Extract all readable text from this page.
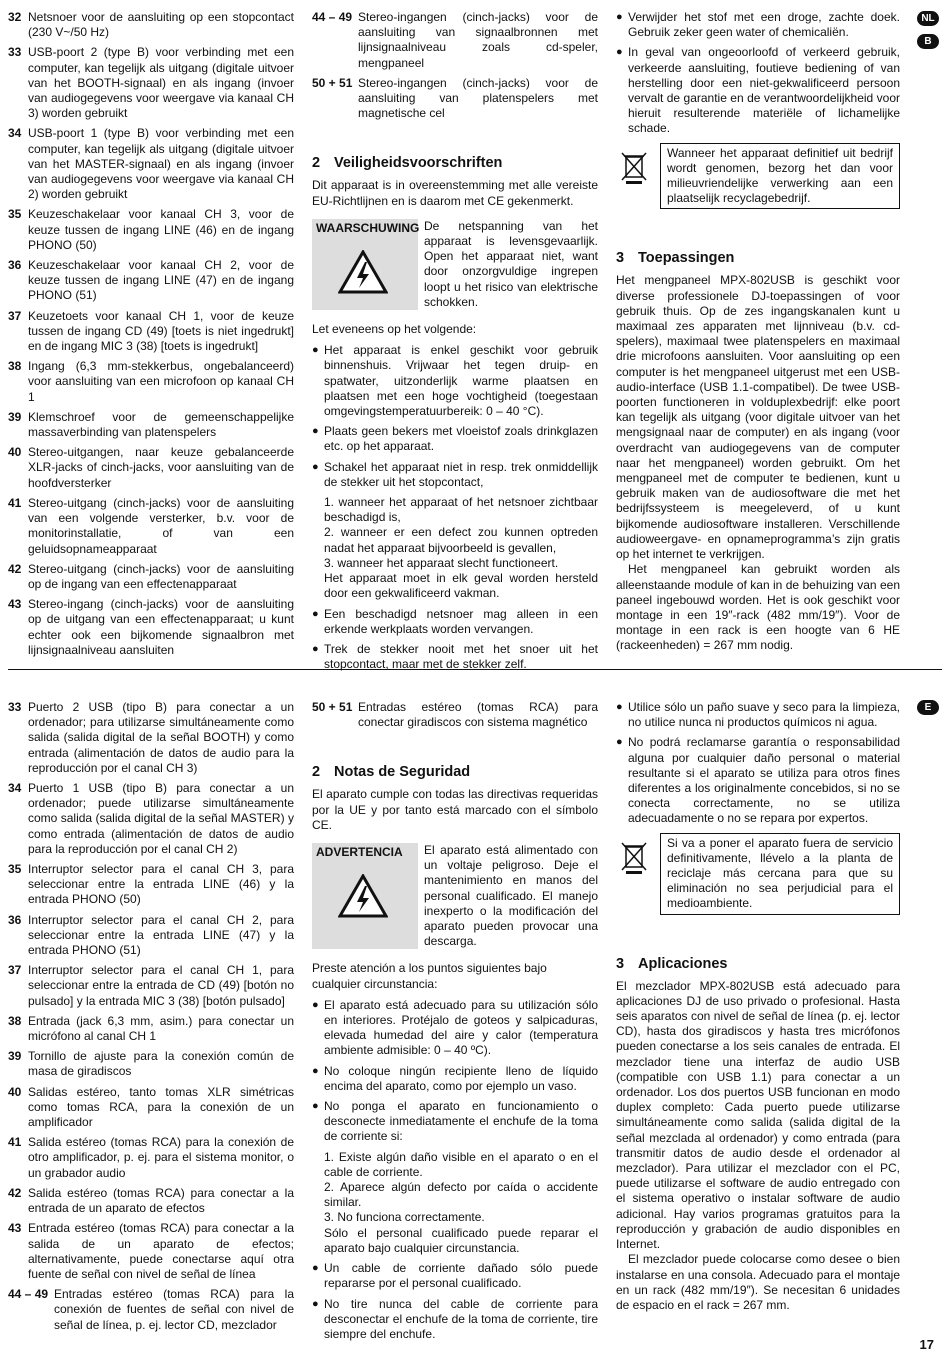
32 Netsnoer voor de aansluiting op een stopcontact (230 V~/50 Hz)
33 USB-poort 2 (type B) voor verbinding met een computer, kan tegelijk als uitgang (digitale uitvoer van het BOOTH-signaal) en als ingang (invoer van audiogegevens voor weergave via kanaal CH 3) worden gebruikt
34 USB-poort 1 (type B) voor verbinding met een computer, kan tegelijk als uitgang (digitale uitvoer van het MASTER-signaal) en als ingang (invoer van audiogegevens voor weergave via kanaal CH 2) worden gebruikt
35 Keuzeschakelaar voor kanaal CH 3, voor de keuze tussen de ingang LINE (46) en de ingang PHONO (50)
36 Keuzeschakelaar voor kanaal CH 2, voor de keuze tussen de ingang LINE (47) en de ingang PHONO (51)
37 Keuzetoets voor kanaal CH 1, voor de keuze tussen de ingang CD (49) [toets is niet ingedrukt] en de ingang MIC 3 (38) [toets is ingedrukt]
38 Ingang (6,3 mm-stekkerbus, ongebalanceerd) voor aansluiting van een microfoon op kanaal CH 1
39 Klemschroef voor de gemeenschappelijke massaverbinding van platenspelers
40 Stereo-uitgangen, naar keuze gebalanceerde XLR-jacks of cinch-jacks, voor aansluiting van de hoofdversterker
41 Stereo-uitgang (cinch-jacks) voor de aansluiting van een volgende versterker, b.v. voor de monitorinstallatie, of van een geluidsopnameapparaat
42 Stereo-uitgang (cinch-jacks) voor de aansluiting op de ingang van een effectenapparaat
43 Stereo-ingang (cinch-jacks) voor de aansluiting op de uitgang van een effectenapparaat; u kunt echter ook een bijkomende signaalbron met lijnsignaalniveau aansluiten
44 – 49 Stereo-ingangen (cinch-jacks) voor de aansluiting van signaalbronnen met lijnsignaalniveau zoals cd-speler, mengpaneel
50 + 51 Stereo-ingangen (cinch-jacks) voor de aansluiting van platenspelers met magnetische cel
2 Veiligheidsvoorschriften

Dit apparaat is in overeenstemming met alle vereiste EU-Richtlijnen en is daarom met CE gekenmerkt.

WAARSCHUWING De netspanning van het apparaat is levensgevaarlijk. Open het apparaat niet, want door onzorgvuldige ingrepen loopt u het risico van elektrische schokken.

Let eveneens op het volgende:

● Het apparaat is enkel geschikt voor gebruik binnenshuis. Vrijwaar het tegen druip- en spatwater, uitzonderlijk warme plaatsen en plaatsen met een hoge vochtigheid (toegestaan omgevingstemperatuurbereik: 0 – 40 °C).
● Plaats geen bekers met vloeistof zoals drinkglazen etc. op het apparaat.
● Schakel het apparaat niet in resp. trek onmiddellijk de stekker uit het stopcontact,
1. wanneer het apparaat of het netsnoer zichtbaar beschadigd is,
2. wanneer er een defect zou kunnen optreden nadat het apparaat bijvoorbeeld is gevallen,
3. wanneer het apparaat slecht functioneert.
Het apparaat moet in elk geval worden hersteld door een gekwalificeerd vakman.
● Een beschadigd netsnoer mag alleen in een erkende werkplaats worden vervangen.
● Trek de stekker nooit met het snoer uit het stopcontact, maar met de stekker zelf.
● Verwijder het stof met een droge, zachte doek. Gebruik zeker geen water of chemicaliën.
● In geval van ongeoorloofd of verkeerd gebruik, verkeerde aansluiting, foutieve bediening of van herstelling door een niet-gekwalificeerd persoon vervalt de garantie en de verantwoordelijkheid voor hieruit resulterende materiële of lichamelijke schade.
Wanneer het apparaat definitief uit bedrijf wordt genomen, bezorg het dan voor milieuvriendelijke verwerking aan een plaatselijk recyclagebedrijf.
3 Toepassingen

Het mengpaneel MPX-802USB is geschikt voor diverse professionele DJ-toepassingen of voor gebruik thuis. Op de zes ingangskanalen kunt u maximaal zes apparaten met lijnniveau (b.v. cd-spelers), maximaal twee platenspelers en maximaal drie microfoons aansluiten. Voor aansluiting op een computer is het mengpaneel uitgerust met een USB-audio-interface (USB 1.1-compatibel). De twee USB-poorten functioneren in volduplexbedrijf: elke poort kan tegelijk als uitgang (voor digitale uitvoer van het mengsignaal naar de computer) en als ingang (voor overdracht van audiogegevens van de computer naar het mengpaneel) worden gebruikt. Om het mengpaneel met de computer te bedienen, kunt u gebruik maken van de audiosoftware die met het bedrijfssysteem is meegeleverd, of u kunt bijkomende audiosoftware installeren. Verschillende audioweergave- en opnameprogramma’s zijn gratis op het internet te verkrijgen.

Het mengpaneel kan gebruikt worden als alleenstaande module of kan in de behuizing van een paneel ingebouwd worden. Het is ook geschikt voor montage in een 19″-rack (482 mm/19″). Voor de montage in een rack is een hoogte van 6 HE (rackeenheden) = 267 mm nodig.

NL
B
33 Puerto 2 USB (tipo B) para conectar a un ordenador; para utilizarse simultáneamente como salida (salida digital de la señal BOOTH) y como entrada (alimentación de datos de audio para la reproducción por el canal CH 3)
34 Puerto 1 USB (tipo B) para conectar a un ordenador; puede utilizarse simultáneamente como salida (salida digital de la señal MASTER) y como entrada (alimentación de datos de audio para la reproducción por el canal CH 2)
35 Interruptor selector para el canal CH 3, para seleccionar entre la entrada LINE (46) y la entrada PHONO (50)
36 Interruptor selector para el canal CH 2, para seleccionar entre la entrada LINE (47) y la entrada PHONO (51)
37 Interruptor selector para el canal CH 1, para seleccionar entre la entrada de CD (49) [botón no pulsado] y la entrada MIC 3 (38) [botón pulsado]
38 Entrada (jack 6,3 mm, asim.) para conectar un micrófono al canal CH 1
39 Tornillo de ajuste para la conexión común de masa de giradiscos
40 Salidas estéreo, tanto tomas XLR simétricas como tomas RCA, para la conexión de un amplificador
41 Salida estéreo (tomas RCA) para la conexión de otro amplificador, p. ej. para el sistema monitor, o un grabador audio
42 Salida estéreo (tomas RCA) para conectar a la entrada de un aparato de efectos
43 Entrada estéreo (tomas RCA) para conectar a la salida de un aparato de efectos; alternativamente, puede conectarse aquí otra fuente de señal con nivel de señal de línea
44 – 49 Entradas estéreo (tomas RCA) para la conexión de fuentes de señal con nivel de señal de línea, p. ej. lector CD, mezclador
50 + 51 Entradas estéreo (tomas RCA) para conectar giradiscos con sistema magnético
2 Notas de Seguridad

El aparato cumple con todas las directivas requeridas por la UE y por tanto está marcado con el símbolo CE.

ADVERTENCIA	El aparato está alimentado con un voltaje peligroso. Deje el mantenimiento en manos del personal cualificado. El manejo inexperto o la modificación del aparato pueden provocar una descarga.

Preste atención a los puntos siguientes bajo cualquier circunstancia:

● El aparato está adecuado para su utilización sólo en interiores. Protéjalo de goteos y salpicaduras, elevada humedad del aire y calor (temperatura ambiente admisible: 0 – 40 ºC).
● No coloque ningún recipiente lleno de líquido encima del aparato, como por ejemplo un vaso.
● No ponga el aparato en funcionamiento o desconecte inmediatamente el enchufe de la toma de corriente si:
1. Existe algún daño visible en el aparato o en el cable de corriente.
2. Aparece algún defecto por caída o accidente similar.
3. No funciona correctamente.
Sólo el personal cualificado puede reparar el aparato bajo cualquier circunstancia.
● Un cable de corriente dañado sólo puede repararse por el personal cualificado.
● No tire nunca del cable de corriente para desconectar el enchufe de la toma de corriente, tire siempre del enchufe.
● Utilice sólo un paño suave y seco para la limpieza, no utilice nunca ni productos químicos ni agua.
● No podrá reclamarse garantía o responsabilidad alguna por cualquier daño personal o material resultante si el aparato se utiliza para otros fines diferentes a los originalmente concebidos, si no se conecta correctamente, no se utiliza adecuadamente o no se repara por expertos.
Si va a poner el aparato fuera de servicio definitivamente, llévelo a la planta de reciclaje más cercana para que su eliminación no sea perjudicial para el medioambiente.
3 Aplicaciones

El mezclador MPX-802USB está adecuado para aplicaciones DJ de uso privado o profesional. Hasta seis aparatos con nivel de señal de línea (p. ej. lector CD), hasta dos giradiscos y hasta tres micrófonos pueden conectarse a los seis canales de entrada. El mezclador tiene una interfaz de audio USB (compatible con USB 1.1) para conectar a un ordenador. Los dos puertos USB funcionan en modo duplex completo: Cada puerto puede utilizarse simultáneamente como salida (salida digital de la señal mezclada al ordenador) y como entrada (para transmitir datos de audio desde el ordenador al mezclador). Para utilizar el mezclador con el PC, puede utilizarse el software de audio entregado con el sistema operativo o instalar software de audio adicional. Hay varios programas gratuitos para la reproducción y grabación de audio disponibles en Internet.

El mezclador puede colocarse como desee o bien instalarse en una consola. Adecuado para el montaje en un rack (482 mm/19″). Se necesitan 6 unidades de espacio en el rack = 267 mm.

E
17
